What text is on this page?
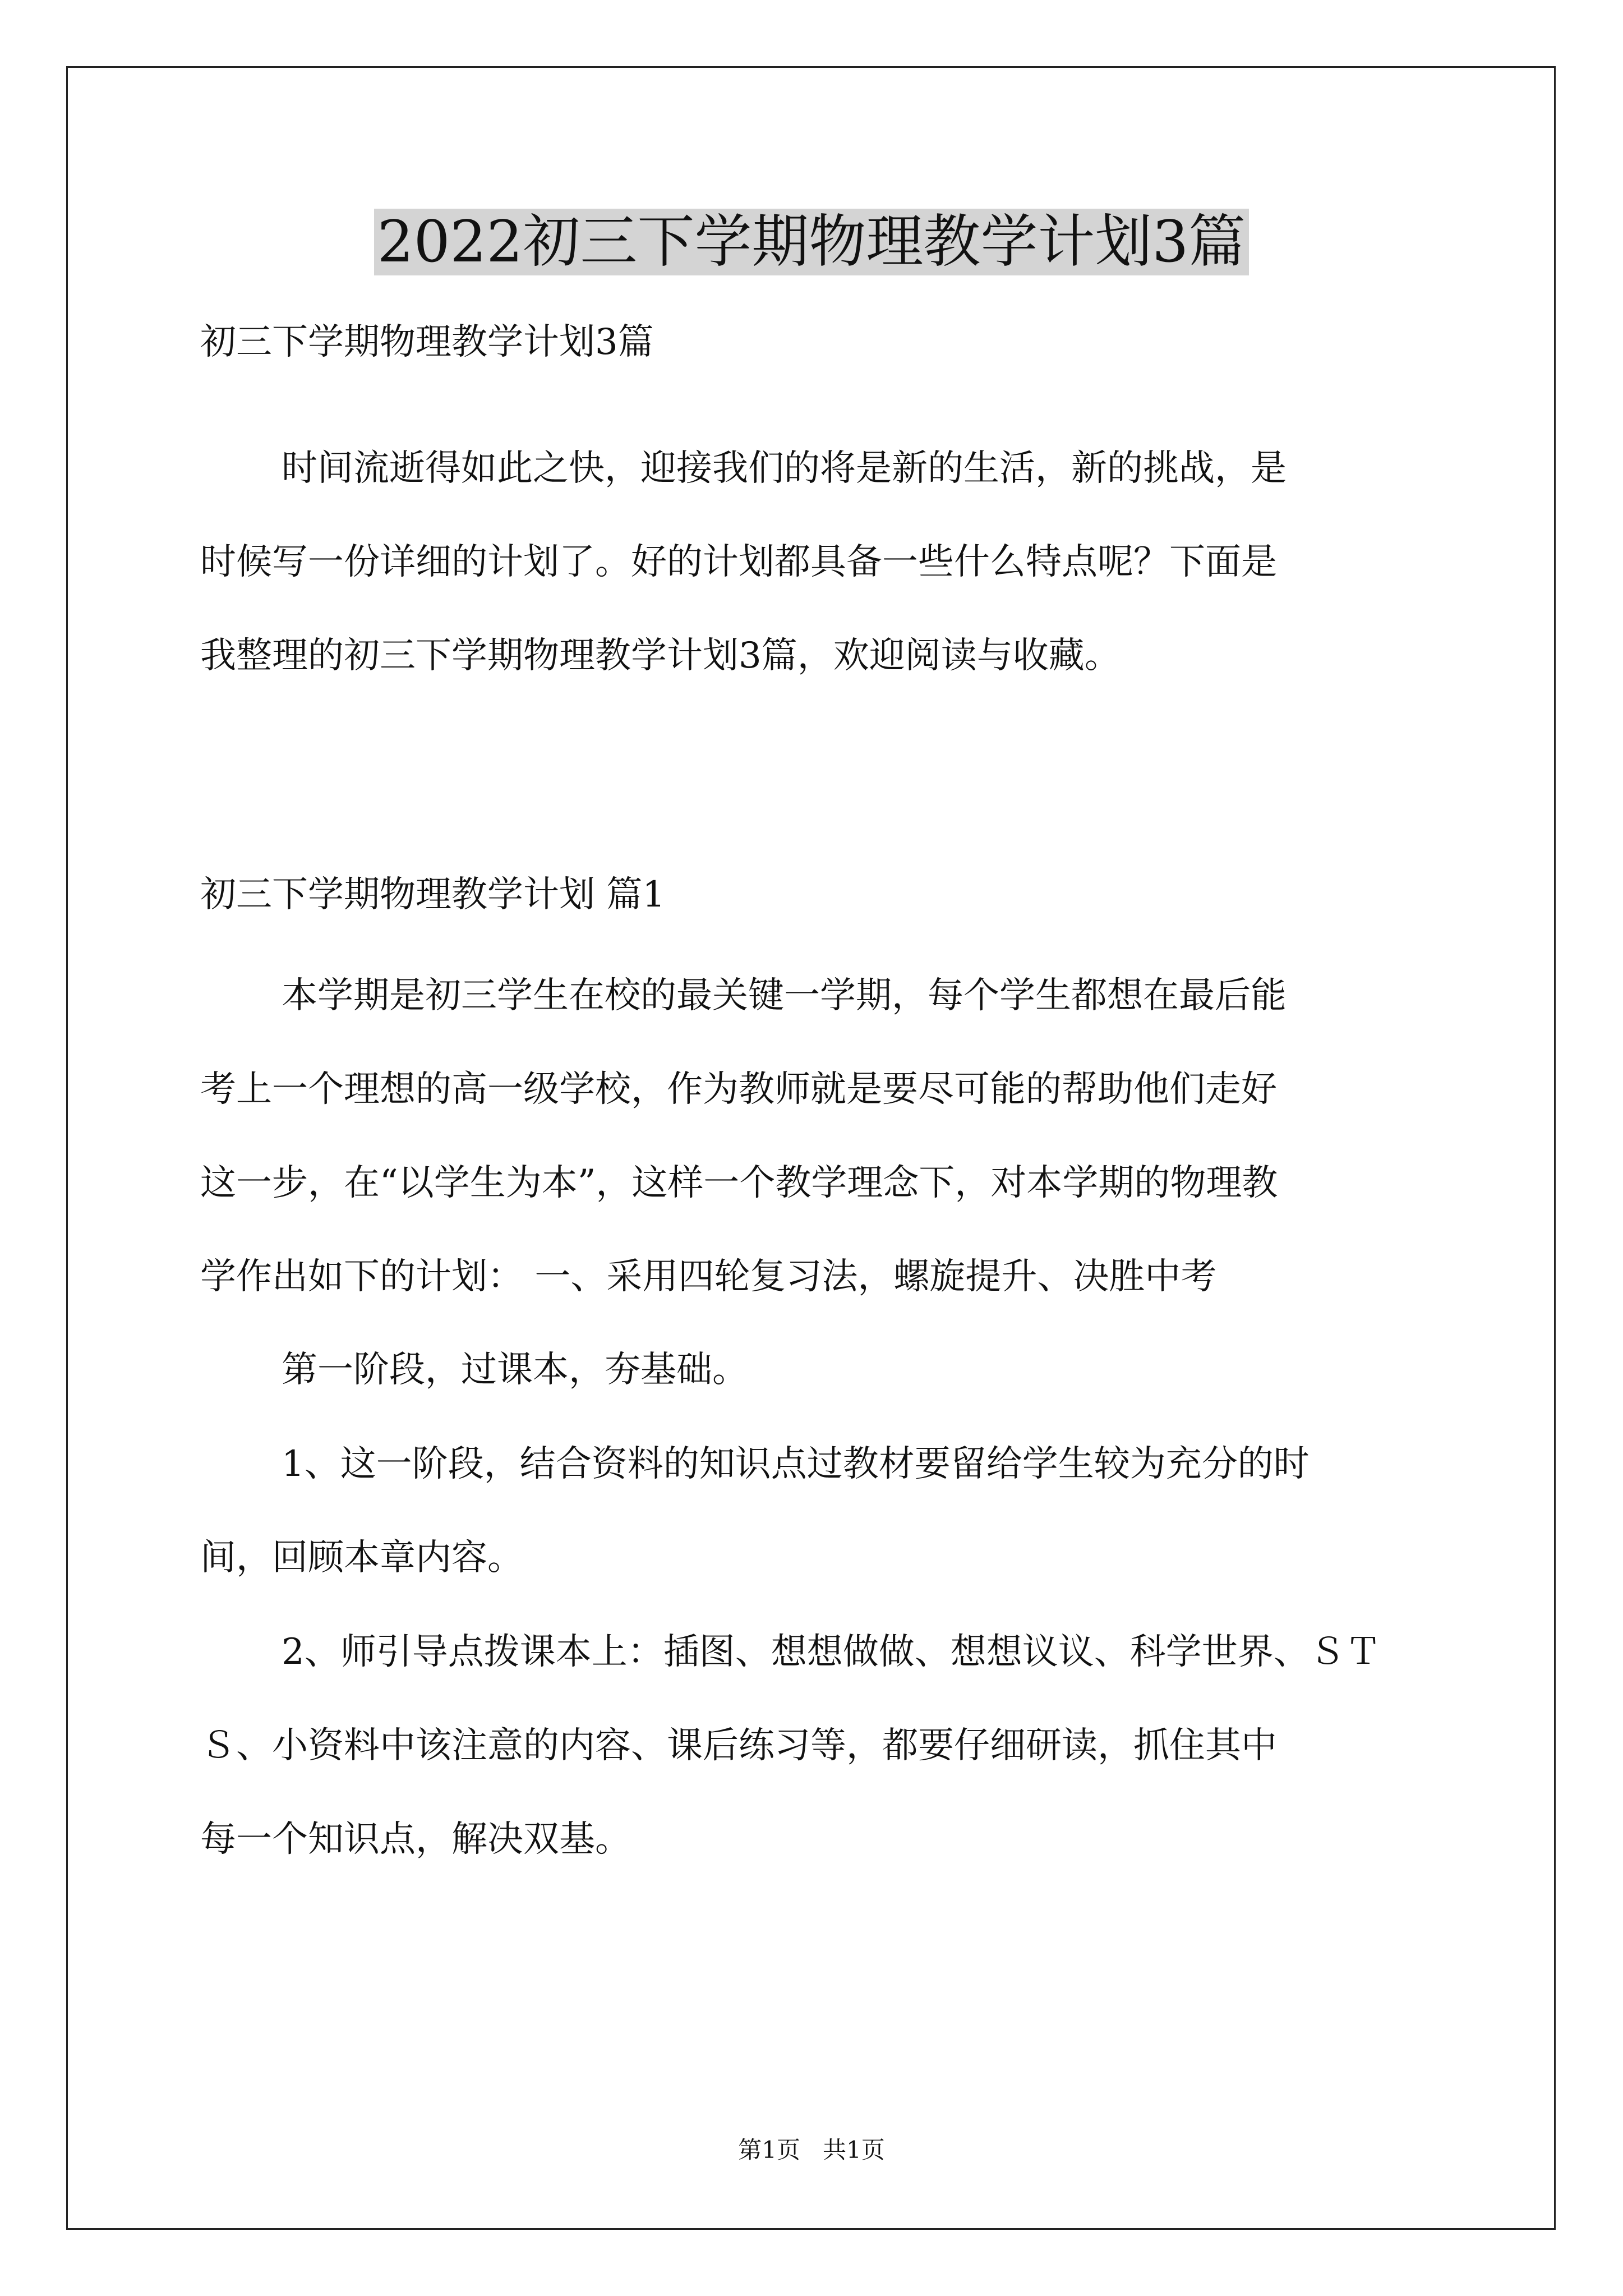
2022初三下学期物理教学计划3篇
初三下学期物理教学计划3篇
时间流逝得如此之快，迎接我们的将是新的生活，新的挑战，是
时候写一份详细的计划了。好的计划都具备一些什么特点呢？下面是
我整理的初三下学期物理教学计划3篇，欢迎阅读与收藏。
初三下学期物理教学计划 篇1
本学期是初三学生在校的最关键一学期，每个学生都想在最后能
考上一个理想的高一级学校，作为教师就是要尽可能的帮助他们走好
这一步，在“以学生为本”，这样一个教学理念下，对本学期的物理教
学作出如下的计划： 一、采用四轮复习法，螺旋提升、决胜中考
第一阶段，过课本，夯基础。
1、这一阶段，结合资料的知识点过教材要留给学生较为充分的时
间，回顾本章内容。
2、师引导点拨课本上：插图、想想做做、想想议议、科学世界、ＳＴ
Ｓ、小资料中该注意的内容、课后练习等，都要仔细研读，抓住其中
每一个知识点，解决双基。
第1页   共1页
